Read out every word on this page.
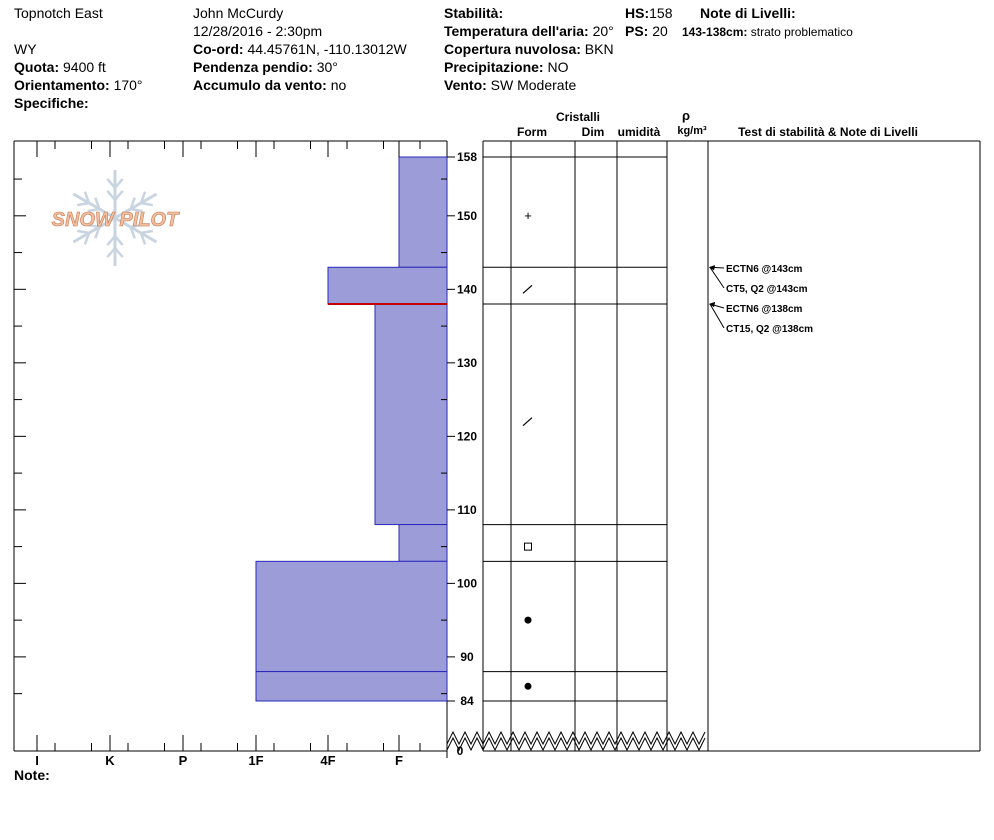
Topnotch East
WY
Quota: 9400 ft
Orientamento: 170°
Specifiche:
John McCurdy
12/28/2016 - 2:30pm
Co-ord: 44.45761N, -110.13012W
Pendenza pendio: 30°
Accumulo da vento: no
Stabilità:
Temperatura dell'aria: 20°
Copertura nuvolosa: BKN
Precipitazione: NO
Vento: SW Moderate
HS:158
PS: 20
Note di Livelli:
143-138cm: strato problematico
Note:
SNOW PILOT
I	K	P	1F	4F	F
158
150
140
130
120
110
100
90
84
0
Cristalli
Form	Dim umidità
ρ
kg/m³	Test di stabilità & Note di Livelli
+
ECTN6 @143cm
CT5, Q2 @143cm
ECTN6 @138cm
CT15, Q2 @138cm
